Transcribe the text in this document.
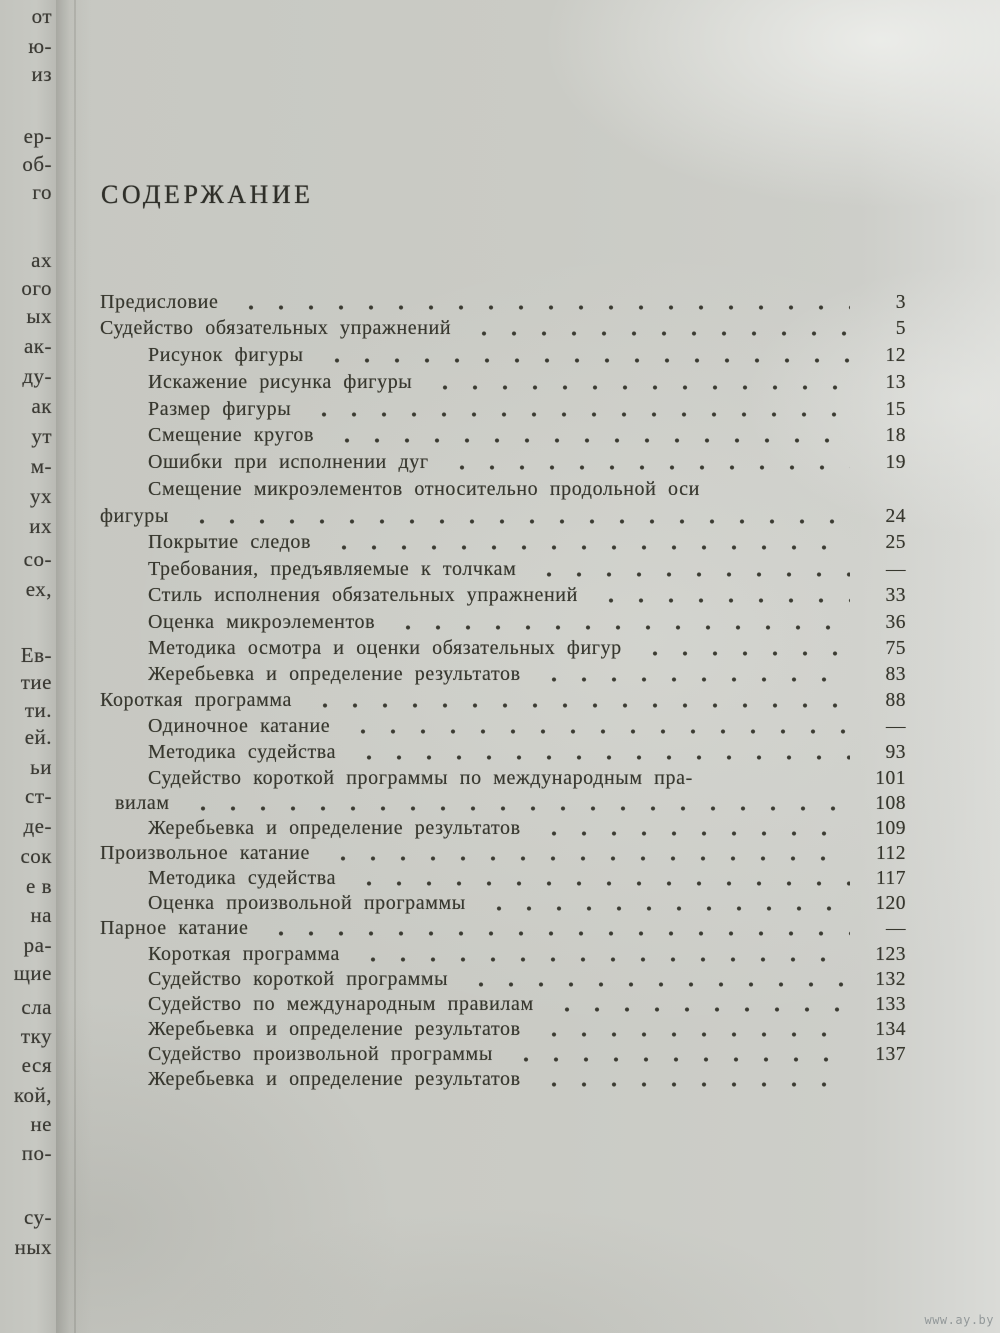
от
ю-
из
ер-
об-
го
ах
ого
ых
ак-
ду-
ак
ут
м-
ух
их
со-
ех,
Ев-
тие
ти.
ей.
ьи
ст-
де-
сок
е в
на
ра-
щие
сла
тку
еся
кой,
не
по-
су-
ных
СОДЕРЖАНИЕ
Предисловие	3
Судейство обязательных упражнений	5
Рисунок фигуры	12
Искажение рисунка фигуры	13
Размер фигуры	15
Смещение кругов	18
Ошибки при исполнении дуг	19
Смещение микроэлементов относительно продольной оси
фигуры	24
Покрытие следов	25
Требования, предъявляемые к толчкам	—
Стиль исполнения обязательных упражнений	33
Оценка микроэлементов	36
Методика осмотра и оценки обязательных фигур	75
Жеребьевка и определение результатов	83
Короткая программа	88
Одиночное катание	—
Методика судейства	93
Судейство короткой программы по международным пра-	101
вилам	108
Жеребьевка и определение результатов	109
Произвольное катание	112
Методика судейства	117
Оценка произвольной программы	120
Парное катание	—
Короткая программа	123
Судейство короткой программы	132
Судейство по международным правилам	133
Жеребьевка и определение результатов	134
Судейство произвольной программы	137
Жеребьевка и определение результатов
www.ay.by
